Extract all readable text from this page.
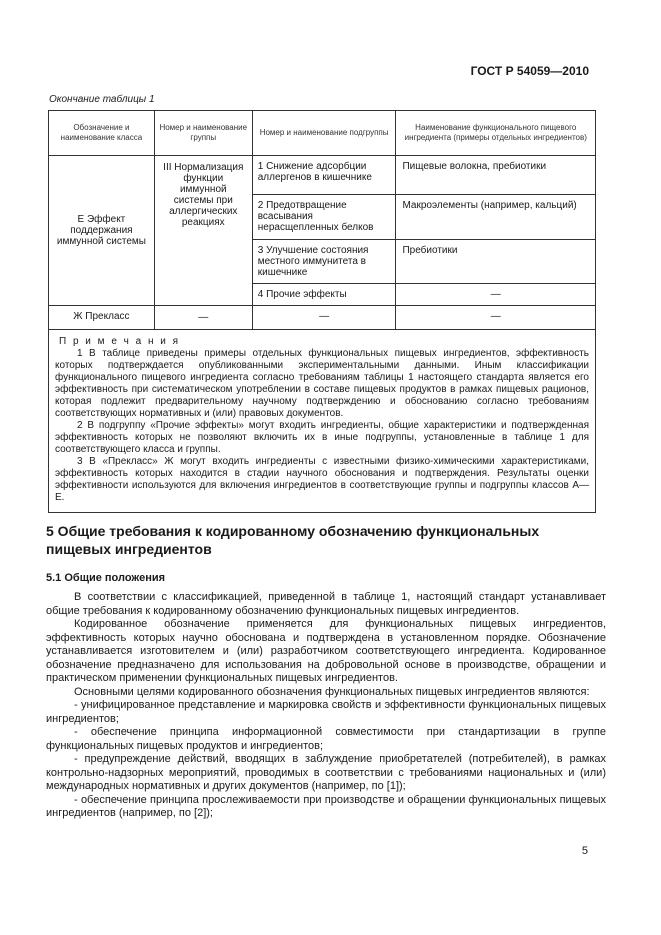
ГОСТ Р 54059—2010
Окончание таблицы 1
Обозначение и наименование класса	Номер и наименование группы	Номер и наименование подгруппы	Наименование функционального пищевого ингредиента (примеры отдельных ингредиентов)
Е Эффект поддержания иммунной системы	III Нормализация функции иммунной системы при аллергических реакциях	1 Снижение адсорбции аллергенов в кишечнике	Пищевые волокна, пребиотики
		2 Предотвращение всасывания нерасщепленных белков	Макроэлементы (например, кальций)
		3 Улучшение состояния местного иммунитета в кишечнике	Пребиотики
		4 Прочие эффекты	—
Ж Прекласс	—	—	—

П р и м е ч а н и я

1 В таблице приведены примеры отдельных функциональных пищевых ингредиентов, эффективность которых подтверждается опубликованными экспериментальными данными. Иным классификации функционального пищевого ингредиента согласно требованиям таблицы 1 настоящего стандарта является его эффективность при систематическом употреблении в составе пищевых продуктов в рамках пищевых рационов, которая подлежит предварительному научному подтверждению и обоснованию согласно требованиям соответствующих нормативных и (или) правовых документов.

2 В подгруппу «Прочие эффекты» могут входить ингредиенты, общие характеристики и подтвержденная эффективность которых не позволяют включить их в иные подгруппы, установленные в таблице 1 для соответствующего класса и группы.

3 В «Прекласс» Ж могут входить ингредиенты с известными физико-химическими характеристиками, эффективность которых находится в стадии научного обоснования и подтверждения. Результаты оценки эффективности используются для включения ингредиентов в соответствующие группы и подгруппы классов А—Е.			

5 Общие требования к кодированному обозначению функциональных пищевых ингредиентов
5.1 Общие положения

В соответствии с классификацией, приведенной в таблице 1, настоящий стандарт устанавливает общие требования к кодированному обозначению функциональных пищевых ингредиентов.

Кодированное обозначение применяется для функциональных пищевых ингредиентов, эффективность которых научно обоснована и подтверждена в установленном порядке. Обозначение устанавливается изготовителем и (или) разработчиком соответствующего ингредиента. Кодированное обозначение предназначено для использования на добровольной основе в производстве, обращении и практическом применении функциональных пищевых ингредиентов.

Основными целями кодированного обозначения функциональных пищевых ингредиентов являются:

- унифицированное представление и маркировка свойств и эффективности функциональных пищевых ингредиентов;

- обеспечение принципа информационной совместимости при стандартизации в группе функциональных пищевых продуктов и ингредиентов;

- предупреждение действий, вводящих в заблуждение приобретателей (потребителей), в рамках контрольно-надзорных мероприятий, проводимых в соответствии с требованиями национальных и (или) международных нормативных и других документов (например, по [1]);

- обеспечение принципа прослеживаемости при производстве и обращении функциональных пищевых ингредиентов (например, по [2]);

5
